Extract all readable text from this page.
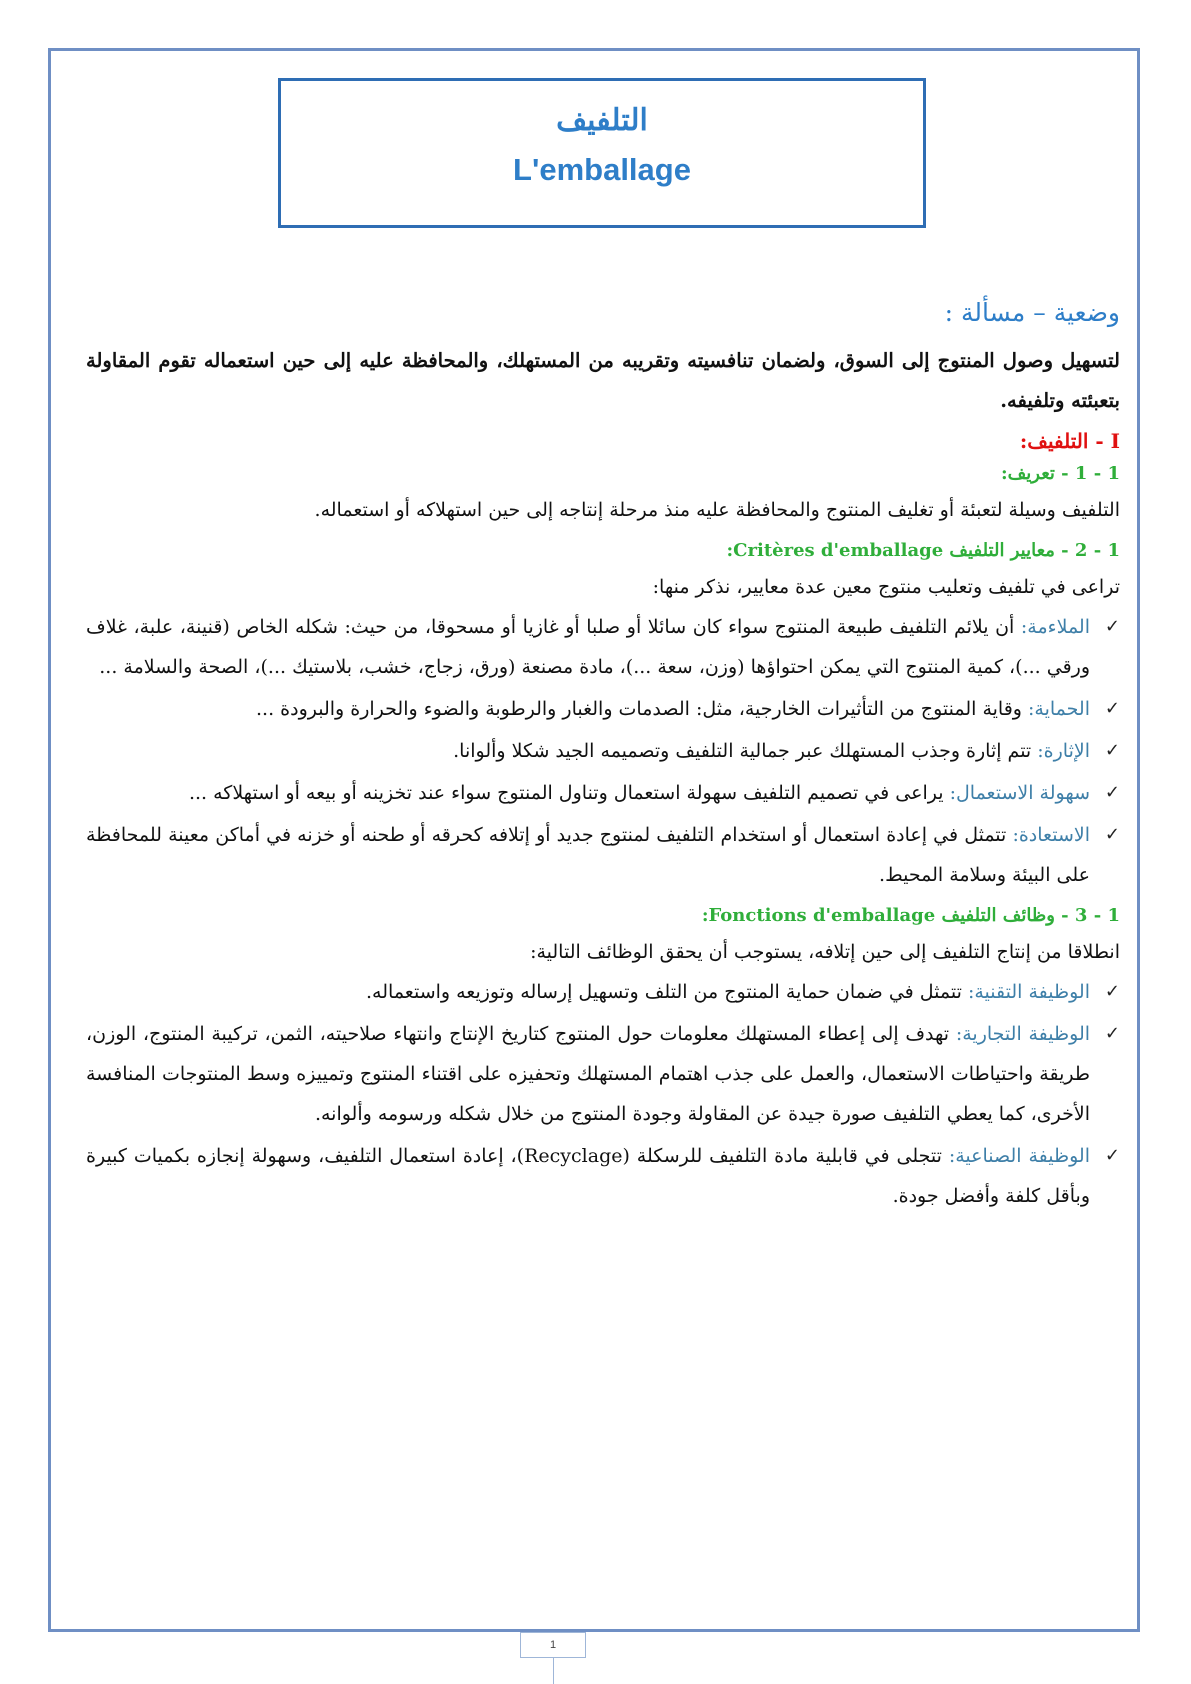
التلفيف
L'emballage
وضعية – مسألة :

لتسهيل وصول المنتوج إلى السوق، ولضمان تنافسيته وتقريبه من المستهلك، والمحافظة عليه إلى حين استعماله تقوم المقاولة بتعبئته وتلفيفه.

I - التلفيف:
1 - 1 - تعريف:

التلفيف وسيلة لتعبئة أو تغليف المنتوج والمحافظة عليه منذ مرحلة إنتاجه إلى حين استهلاكه أو استعماله.

1 - 2 - معايير التلفيف Critères d'emballage:

تراعى في تلفيف وتعليب منتوج معين عدة معايير، نذكر منها:

✓
الملاءمة: أن يلائم التلفيف طبيعة المنتوج سواء كان سائلا أو صلبا أو غازيا أو مسحوقا، من حيث: شكله الخاص (قنينة، علبة، غلاف ورقي ...)، كمية المنتوج التي يمكن احتواؤها (وزن، سعة ...)، مادة مصنعة (ورق، زجاج، خشب، بلاستيك ...)، الصحة والسلامة ...
✓
الحماية: وقاية المنتوج من التأثيرات الخارجية، مثل: الصدمات والغبار والرطوبة والضوء والحرارة والبرودة ...
✓
الإثارة: تتم إثارة وجذب المستهلك عبر جمالية التلفيف وتصميمه الجيد شكلا وألوانا.
✓
سهولة الاستعمال: يراعى في تصميم التلفيف سهولة استعمال وتناول المنتوج سواء عند تخزينه أو بيعه أو استهلاكه ...
✓
الاستعادة: تتمثل في إعادة استعمال أو استخدام التلفيف لمنتوج جديد أو إتلافه كحرقه أو طحنه أو خزنه في أماكن معينة للمحافظة على البيئة وسلامة المحيط.
1 - 3 - وظائف التلفيف Fonctions d'emballage:

انطلاقا من إنتاج التلفيف إلى حين إتلافه، يستوجب أن يحقق الوظائف التالية:

✓
الوظيفة التقنية: تتمثل في ضمان حماية المنتوج من التلف وتسهيل إرساله وتوزيعه واستعماله.
✓
الوظيفة التجارية: تهدف إلى إعطاء المستهلك معلومات حول المنتوج كتاريخ الإنتاج وانتهاء صلاحيته، الثمن، تركيبة المنتوج، الوزن، طريقة واحتياطات الاستعمال، والعمل على جذب اهتمام المستهلك وتحفيزه على اقتناء المنتوج وتمييزه وسط المنتوجات المنافسة الأخرى، كما يعطي التلفيف صورة جيدة عن المقاولة وجودة المنتوج من خلال شكله ورسومه وألوانه.
✓
الوظيفة الصناعية: تتجلى في قابلية مادة التلفيف للرسكلة (Recyclage)، إعادة استعمال التلفيف، وسهولة إنجازه بكميات كبيرة وبأقل كلفة وأفضل جودة.
1
